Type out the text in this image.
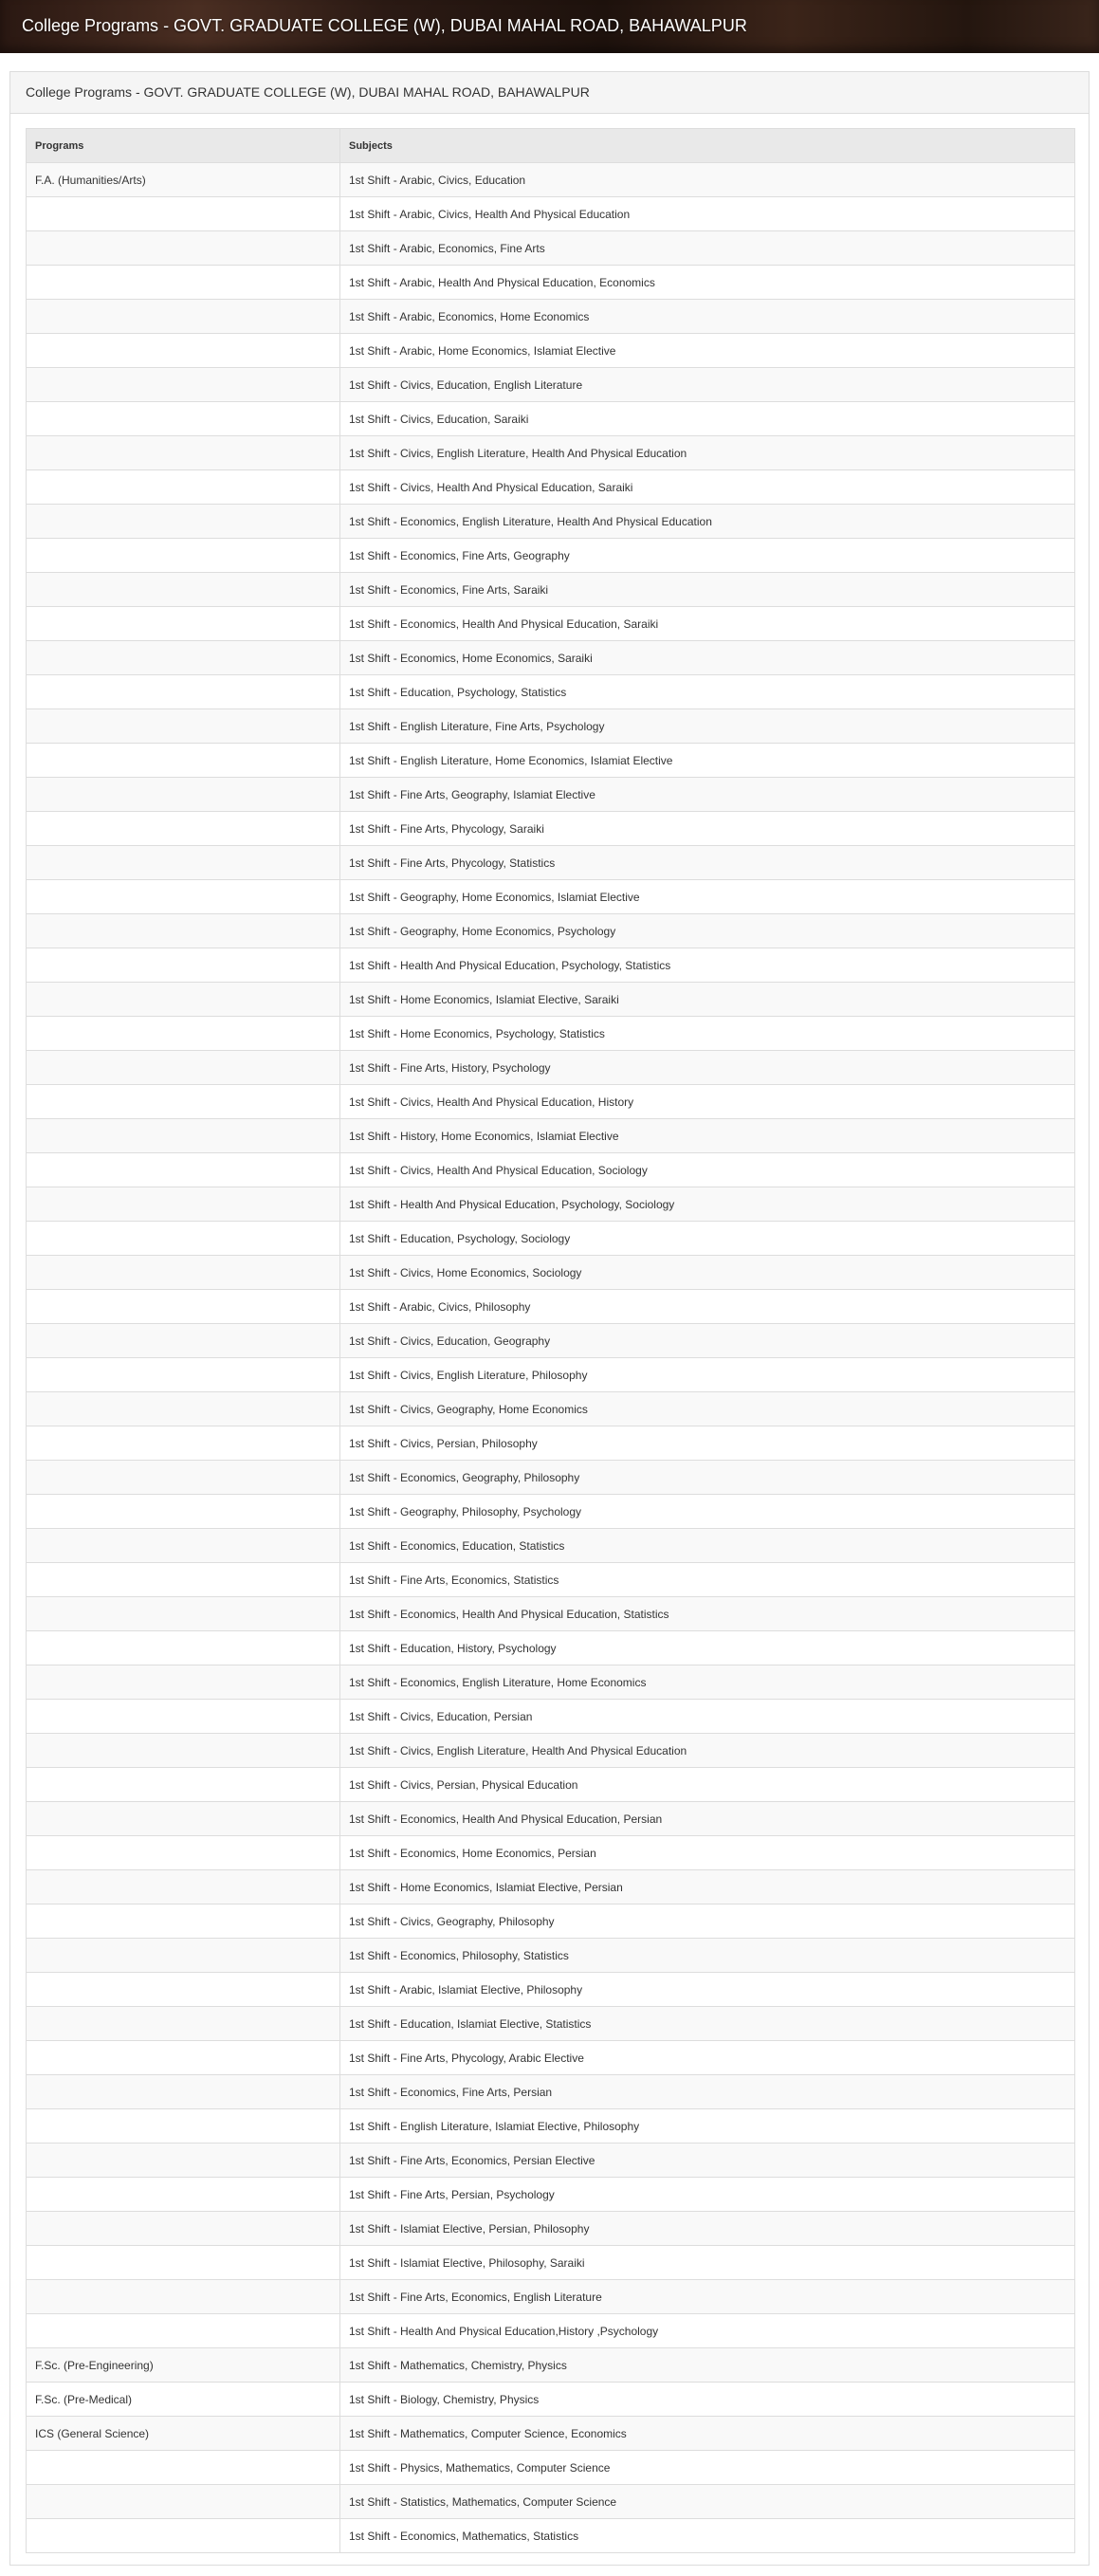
College Programs - GOVT. GRADUATE COLLEGE (W), DUBAI MAHAL ROAD, BAHAWALPUR
College Programs - GOVT. GRADUATE COLLEGE (W), DUBAI MAHAL ROAD, BAHAWALPUR
Programs	Subjects
F.A. (Humanities/Arts)	1st Shift - Arabic, Civics, Education
	1st Shift - Arabic, Civics, Health And Physical Education
	1st Shift - Arabic, Economics, Fine Arts
	1st Shift - Arabic, Health And Physical Education, Economics
	1st Shift - Arabic, Economics, Home Economics
	1st Shift - Arabic, Home Economics, Islamiat Elective
	1st Shift - Civics, Education, English Literature
	1st Shift - Civics, Education, Saraiki
	1st Shift - Civics, English Literature, Health And Physical Education
	1st Shift - Civics, Health And Physical Education, Saraiki
	1st Shift - Economics, English Literature, Health And Physical Education
	1st Shift - Economics, Fine Arts, Geography
	1st Shift - Economics, Fine Arts, Saraiki
	1st Shift - Economics, Health And Physical Education, Saraiki
	1st Shift - Economics, Home Economics, Saraiki
	1st Shift - Education, Psychology, Statistics
	1st Shift - English Literature, Fine Arts, Psychology
	1st Shift - English Literature, Home Economics, Islamiat Elective
	1st Shift - Fine Arts, Geography, Islamiat Elective
	1st Shift - Fine Arts, Phycology, Saraiki
	1st Shift - Fine Arts, Phycology, Statistics
	1st Shift - Geography, Home Economics, Islamiat Elective
	1st Shift - Geography, Home Economics, Psychology
	1st Shift - Health And Physical Education, Psychology, Statistics
	1st Shift - Home Economics, Islamiat Elective, Saraiki
	1st Shift - Home Economics, Psychology, Statistics
	1st Shift - Fine Arts, History, Psychology
	1st Shift - Civics, Health And Physical Education, History
	1st Shift - History, Home Economics, Islamiat Elective
	1st Shift - Civics, Health And Physical Education, Sociology
	1st Shift - Health And Physical Education, Psychology, Sociology
	1st Shift - Education, Psychology, Sociology
	1st Shift - Civics, Home Economics, Sociology
	1st Shift - Arabic, Civics, Philosophy
	1st Shift - Civics, Education, Geography
	1st Shift - Civics, English Literature, Philosophy
	1st Shift - Civics, Geography, Home Economics
	1st Shift - Civics, Persian, Philosophy
	1st Shift - Economics, Geography, Philosophy
	1st Shift - Geography, Philosophy, Psychology
	1st Shift - Economics, Education, Statistics
	1st Shift - Fine Arts, Economics, Statistics
	1st Shift - Economics, Health And Physical Education, Statistics
	1st Shift - Education, History, Psychology
	1st Shift - Economics, English Literature, Home Economics
	1st Shift - Civics, Education, Persian
	1st Shift - Civics, English Literature, Health And Physical Education
	1st Shift - Civics, Persian, Physical Education
	1st Shift - Economics, Health And Physical Education, Persian
	1st Shift - Economics, Home Economics, Persian
	1st Shift - Home Economics, Islamiat Elective, Persian
	1st Shift - Civics, Geography, Philosophy
	1st Shift - Economics, Philosophy, Statistics
	1st Shift - Arabic, Islamiat Elective, Philosophy
	1st Shift - Education, Islamiat Elective, Statistics
	1st Shift - Fine Arts, Phycology, Arabic Elective
	1st Shift - Economics, Fine Arts, Persian
	1st Shift - English Literature, Islamiat Elective, Philosophy
	1st Shift - Fine Arts, Economics, Persian Elective
	1st Shift - Fine Arts, Persian, Psychology
	1st Shift - Islamiat Elective, Persian, Philosophy
	1st Shift - Islamiat Elective, Philosophy, Saraiki
	1st Shift - Fine Arts, Economics, English Literature
	1st Shift - Health And Physical Education,History ,Psychology
F.Sc. (Pre-Engineering)	1st Shift - Mathematics, Chemistry, Physics
F.Sc. (Pre-Medical)	1st Shift - Biology, Chemistry, Physics
ICS (General Science)	1st Shift - Mathematics, Computer Science, Economics
	1st Shift - Physics, Mathematics, Computer Science
	1st Shift - Statistics, Mathematics, Computer Science
	1st Shift - Economics, Mathematics, Statistics
